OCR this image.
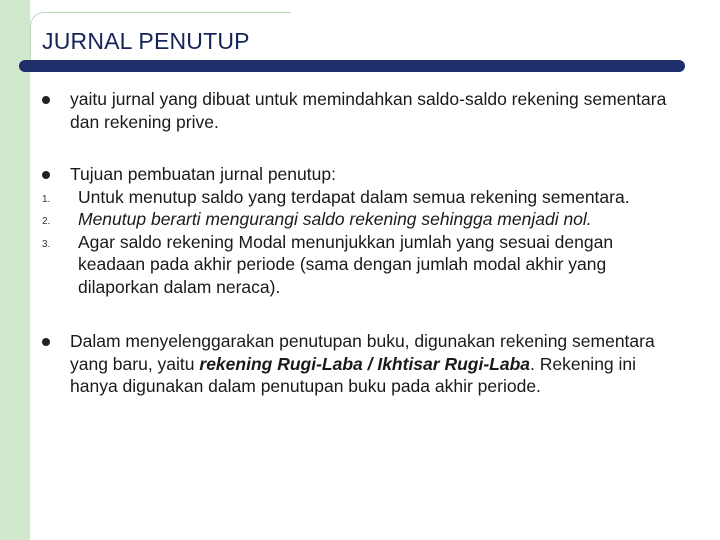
JURNAL PENUTUP
yaitu jurnal yang dibuat untuk memindahkan saldo-saldo rekening sementara dan rekening prive.
Tujuan pembuatan jurnal penutup:
1. Untuk menutup saldo yang terdapat dalam semua rekening sementara.
2. Menutup berarti mengurangi saldo rekening sehingga menjadi nol.
3. Agar saldo rekening Modal menunjukkan jumlah yang sesuai dengan keadaan pada akhir periode (sama dengan jumlah modal akhir yang dilaporkan dalam neraca).
Dalam menyelenggarakan penutupan buku, digunakan rekening sementara yang baru, yaitu rekening Rugi-Laba / Ikhtisar Rugi-Laba. Rekening ini hanya digunakan dalam penutupan buku pada akhir periode.
